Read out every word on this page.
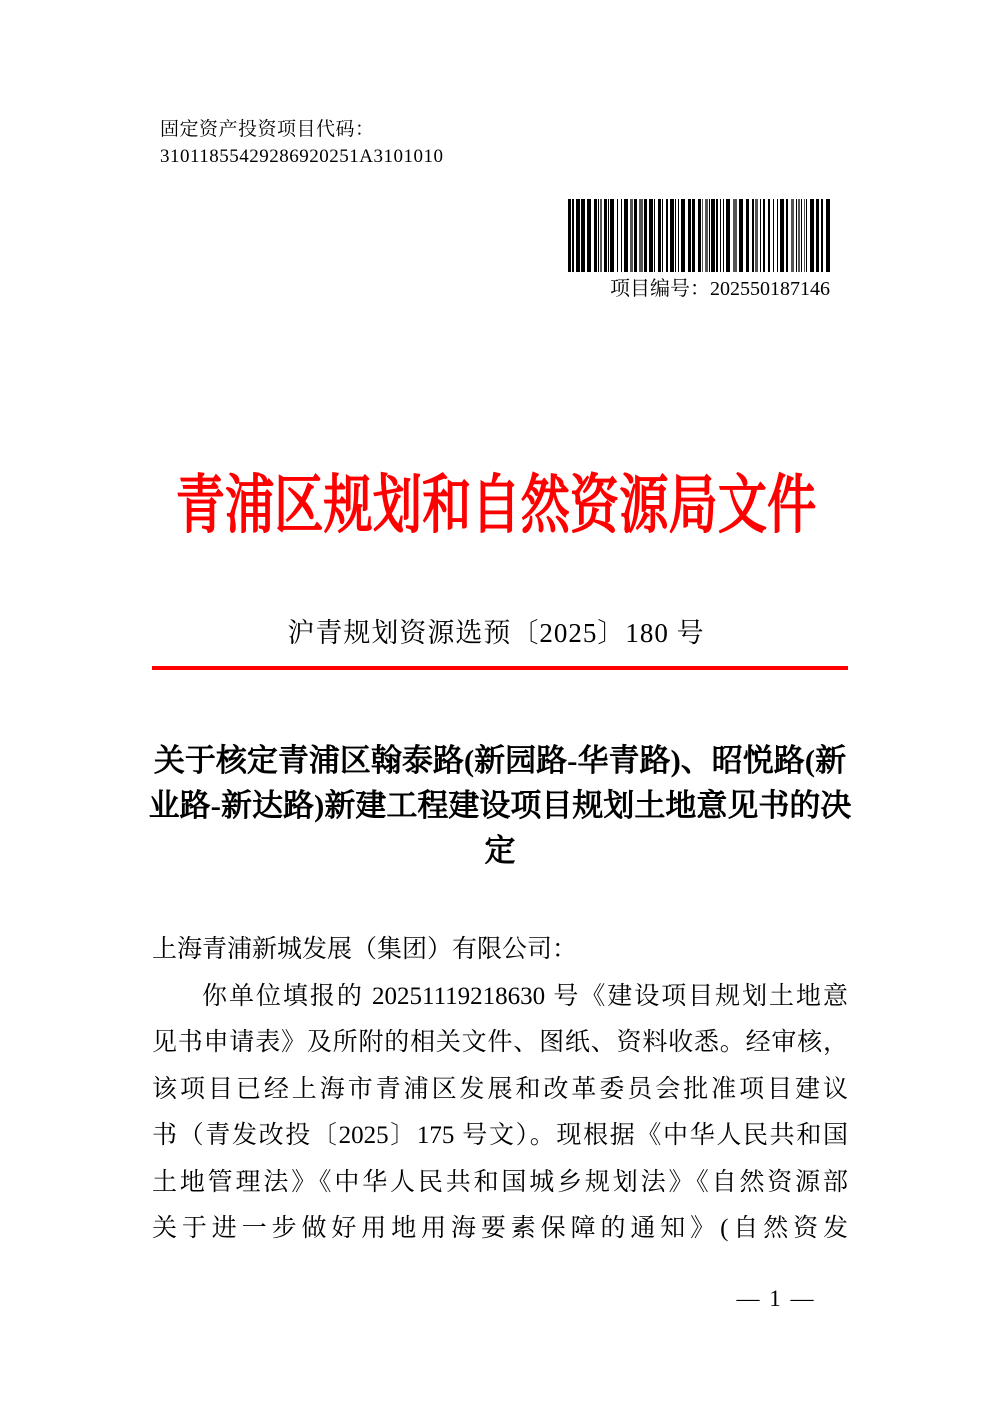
固定资产投资项目代码：
31011855429286920251A3101010
项目编号：202550187146
青浦区规划和自然资源局文件
沪青规划资源选预〔2025〕180 号
关于核定青浦区翰泰路(新园路-华青路)、昭悦路(新
业路-新达路)新建工程建设项目规划土地意见书的决
定
上海青浦新城发展（集团）有限公司：
你单位填报的 20251119218630 号《建设项目规划土地意
见书申请表》及所附的相关文件、图纸、资料收悉。经审核，
该项目已经上海市青浦区发展和改革委员会批准项目建议
书（青发改投〔2025〕175 号文）。现根据《中华人民共和国
土地管理法》《中华人民共和国城乡规划法》《自然资源部
关于进一步做好用地用海要素保障的通知》(自然资发
— 1 —
